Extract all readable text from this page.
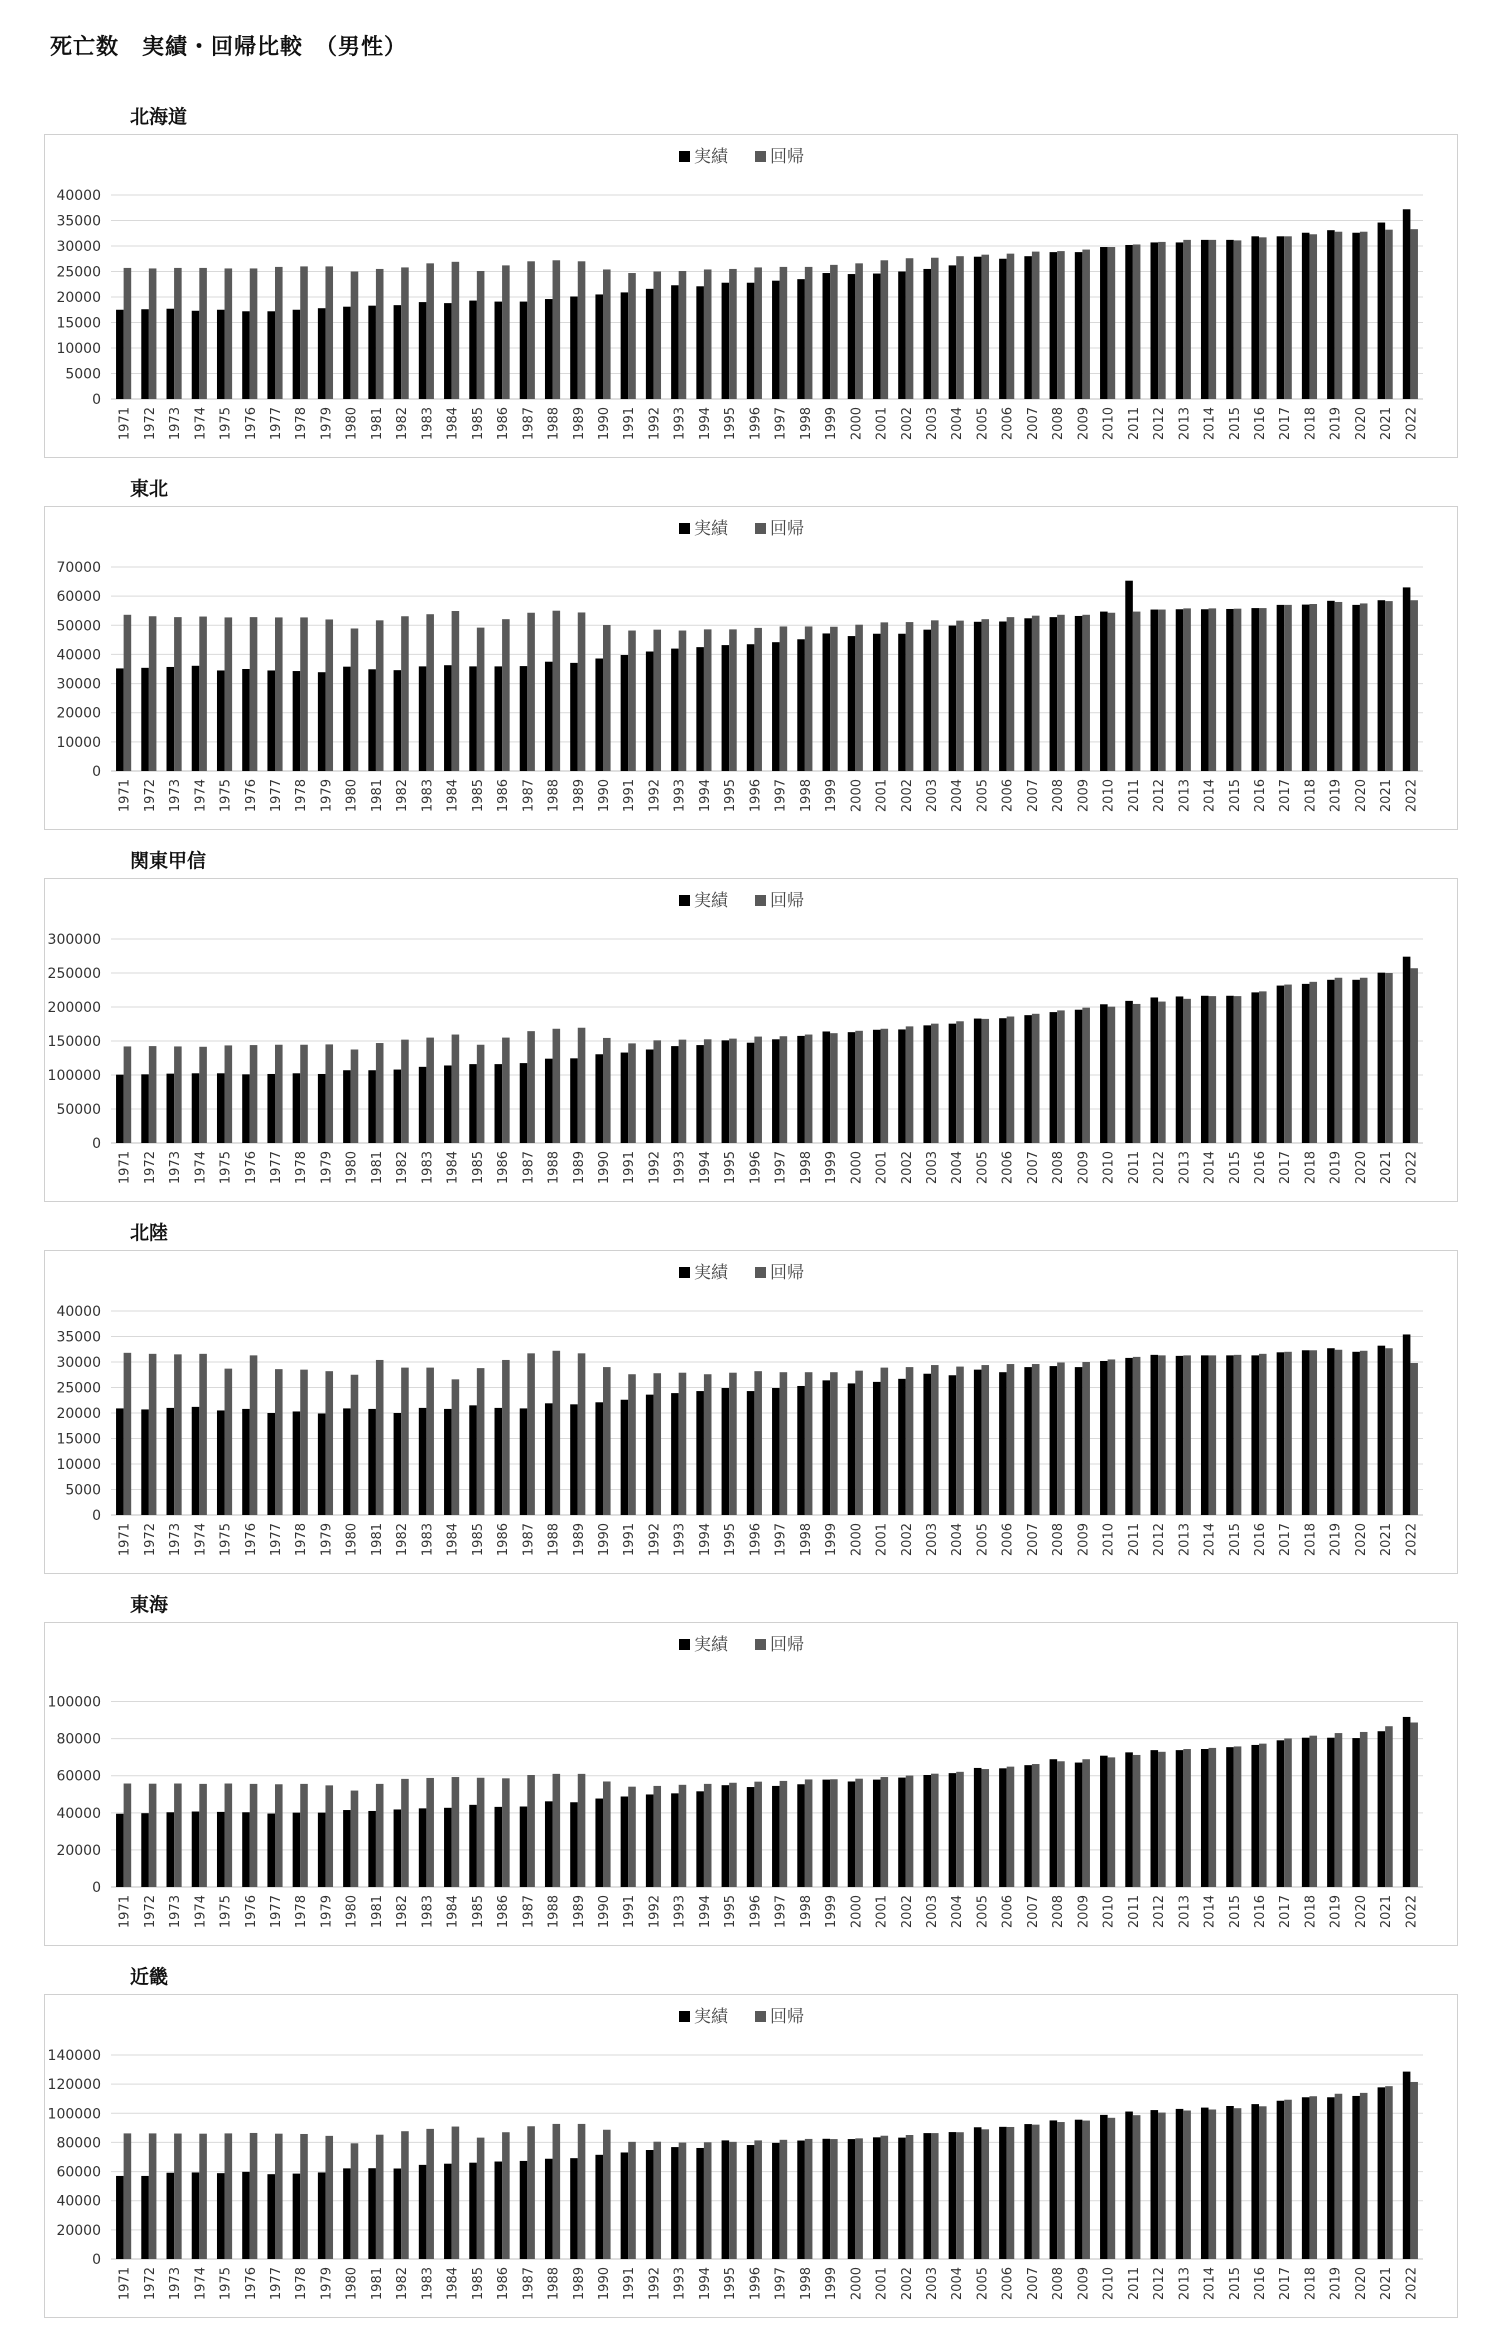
死亡数　実績・回帰比較　（男性）
北海道
実績 回帰
0
5000
10000
15000
20000
25000
30000
35000
40000
1971 1972 1973 1974 1975 1976 1977 1978 1979 1980 1981 1982 1983 1984 1985 1986 1987 1988 1989 1990 1991 1992 1993 1994 1995 1996 1997 1998 1999 2000 2001 2002 2003 2004 2005 2006 2007 2008 2009 2010 2011 2012 2013 2014 2015 2016 2017 2018 2019 2020 2021 2022
東北
実績 回帰
0
10000
20000
30000
40000
50000
60000
70000
1971 1972 1973 1974 1975 1976 1977 1978 1979 1980 1981 1982 1983 1984 1985 1986 1987 1988 1989 1990 1991 1992 1993 1994 1995 1996 1997 1998 1999 2000 2001 2002 2003 2004 2005 2006 2007 2008 2009 2010 2011 2012 2013 2014 2015 2016 2017 2018 2019 2020 2021 2022
関東甲信
実績 回帰
0
50000
100000
150000
200000
250000
300000
1971 1972 1973 1974 1975 1976 1977 1978 1979 1980 1981 1982 1983 1984 1985 1986 1987 1988 1989 1990 1991 1992 1993 1994 1995 1996 1997 1998 1999 2000 2001 2002 2003 2004 2005 2006 2007 2008 2009 2010 2011 2012 2013 2014 2015 2016 2017 2018 2019 2020 2021 2022
北陸
実績 回帰
0
5000
10000
15000
20000
25000
30000
35000
40000
1971 1972 1973 1974 1975 1976 1977 1978 1979 1980 1981 1982 1983 1984 1985 1986 1987 1988 1989 1990 1991 1992 1993 1994 1995 1996 1997 1998 1999 2000 2001 2002 2003 2004 2005 2006 2007 2008 2009 2010 2011 2012 2013 2014 2015 2016 2017 2018 2019 2020 2021 2022
東海
実績 回帰
0
20000
40000
60000
80000
100000
1971 1972 1973 1974 1975 1976 1977 1978 1979 1980 1981 1982 1983 1984 1985 1986 1987 1988 1989 1990 1991 1992 1993 1994 1995 1996 1997 1998 1999 2000 2001 2002 2003 2004 2005 2006 2007 2008 2009 2010 2011 2012 2013 2014 2015 2016 2017 2018 2019 2020 2021 2022
近畿
実績 回帰
0
20000
40000
60000
80000
100000
120000
140000
1971 1972 1973 1974 1975 1976 1977 1978 1979 1980 1981 1982 1983 1984 1985 1986 1987 1988 1989 1990 1991 1992 1993 1994 1995 1996 1997 1998 1999 2000 2001 2002 2003 2004 2005 2006 2007 2008 2009 2010 2011 2012 2013 2014 2015 2016 2017 2018 2019 2020 2021 2022
